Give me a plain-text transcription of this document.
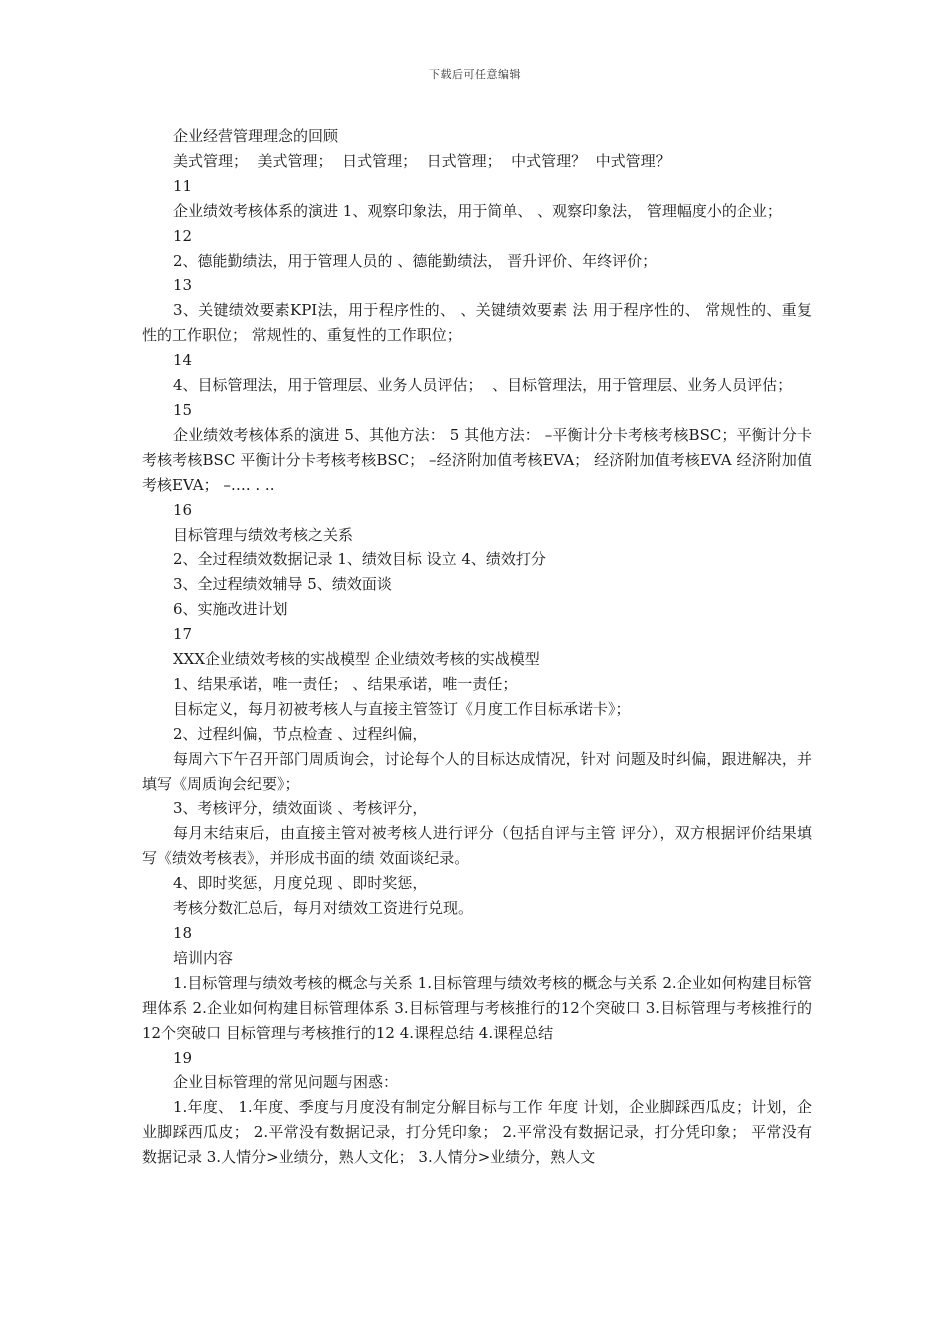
下载后可任意编辑

企业经营管理理念的回顾

美式管理；  美式管理；  日式管理；  日式管理；  中式管理？  中式管理？

11

企业绩效考核体系的演进 1、观察印象法，用于简单、 、观察印象法， 管理幅度小的企业；

12

2、德能勤绩法，用于管理人员的 、德能勤绩法， 晋升评价、年终评价；

13

3、关键绩效要素KPI法，用于程序性的、 、关键绩效要素 法 用于程序性的、 常规性的、重复性的工作职位； 常规性的、重复性的工作职位；

14

4、目标管理法，用于管理层、业务人员评估；  、目标管理法，用于管理层、业务人员评估；

15

企业绩效考核体系的演进 5、其他方法： 5 其他方法： –平衡计分卡考核考核BSC；平衡计分卡考核考核BSC 平衡计分卡考核考核BSC； –经济附加值考核EVA； 经济附加值考核EVA 经济附加值考核EVA； –…. . ..

16

目标管理与绩效考核之关系

2、全过程绩效数据记录 1、绩效目标 设立 4、绩效打分

3、全过程绩效辅导 5、绩效面谈

6、实施改进计划

17

XXX企业绩效考核的实战模型 企业绩效考核的实战模型

1、结果承诺，唯一责任； 、结果承诺，唯一责任；

目标定义，每月初被考核人与直接主管签订《月度工作目标承诺卡》；

2、过程纠偏，节点检查 、过程纠偏，

每周六下午召开部门周质询会，讨论每个人的目标达成情况，针对 问题及时纠偏，跟进解决，并填写《周质询会纪要》；

3、考核评分，绩效面谈 、考核评分，

每月末结束后，由直接主管对被考核人进行评分（包括自评与主管 评分），双方根据评价结果填写《绩效考核表》，并形成书面的绩 效面谈纪录。

4、即时奖惩，月度兑现 、即时奖惩，

考核分数汇总后，每月对绩效工资进行兑现。

18

培训内容

1.目标管理与绩效考核的概念与关系 1.目标管理与绩效考核的概念与关系 2.企业如何构建目标管理体系 2.企业如何构建目标管理体系 3.目标管理与考核推行的12个突破口 3.目标管理与考核推行的12个突破口 目标管理与考核推行的12 4.课程总结 4.课程总结

19

企业目标管理的常见问题与困惑：

1.年度、 1.年度、季度与月度没有制定分解目标与工作 年度 计划，企业脚踩西瓜皮；计划，企业脚踩西瓜皮； 2.平常没有数据记录，打分凭印象； 2.平常没有数据记录，打分凭印象； 平常没有数据记录 3.人情分>业绩分，熟人文化； 3.人情分>业绩分，熟人文
